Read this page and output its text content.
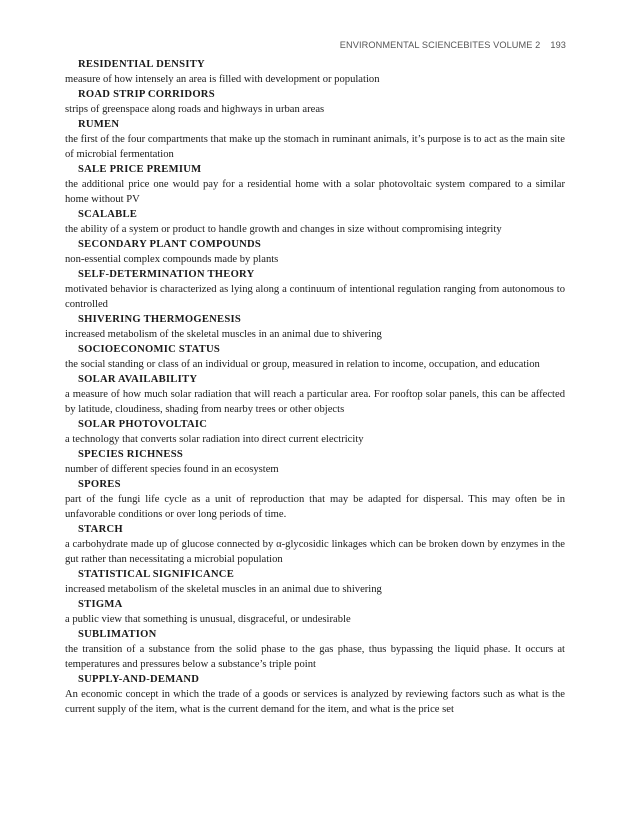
ENVIRONMENTAL SCIENCEBITES VOLUME 2 193
RESIDENTIAL DENSITY
measure of how intensely an area is filled with development or population
ROAD STRIP CORRIDORS
strips of greenspace along roads and highways in urban areas
RUMEN
the first of the four compartments that make up the stomach in ruminant animals, it’s purpose is to act as the main site of microbial fermentation
SALE PRICE PREMIUM
the additional price one would pay for a residential home with a solar photovoltaic system compared to a similar home without PV
SCALABLE
the ability of a system or product to handle growth and changes in size without compromising integrity
SECONDARY PLANT COMPOUNDS
non-essential complex compounds made by plants
SELF-DETERMINATION THEORY
motivated behavior is characterized as lying along a continuum of intentional regulation ranging from autonomous to controlled
SHIVERING THERMOGENESIS
increased metabolism of the skeletal muscles in an animal due to shivering
SOCIOECONOMIC STATUS
the social standing or class of an individual or group, measured in relation to income, occupation, and education
SOLAR AVAILABILITY
a measure of how much solar radiation that will reach a particular area. For rooftop solar panels, this can be affected by latitude, cloudiness, shading from nearby trees or other objects
SOLAR PHOTOVOLTAIC
a technology that converts solar radiation into direct current electricity
SPECIES RICHNESS
number of different species found in an ecosystem
SPORES
part of the fungi life cycle as a unit of reproduction that may be adapted for dispersal. This may often be in unfavorable conditions or over long periods of time.
STARCH
a carbohydrate made up of glucose connected by α-glycosidic linkages which can be broken down by enzymes in the gut rather than necessitating a microbial population
STATISTICAL SIGNIFICANCE
increased metabolism of the skeletal muscles in an animal due to shivering
STIGMA
a public view that something is unusual, disgraceful, or undesirable
SUBLIMATION
the transition of a substance from the solid phase to the gas phase, thus bypassing the liquid phase. It occurs at temperatures and pressures below a substance’s triple point
SUPPLY-AND-DEMAND
An economic concept in which the trade of a goods or services is analyzed by reviewing factors such as what is the current supply of the item, what is the current demand for the item, and what is the price set
